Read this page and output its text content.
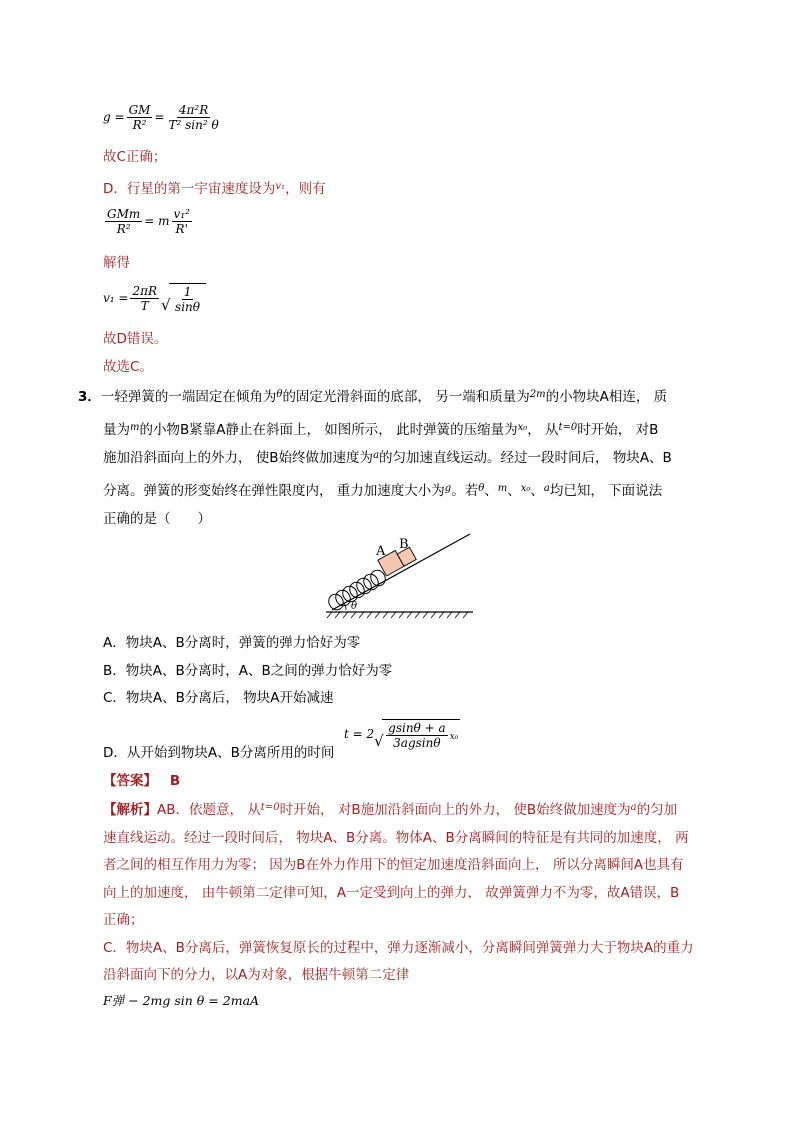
$g = \frac{GM}{\text{R²}} = \frac{\text{4π²R}}{\text{T² sin² θ}}$
故C正确；
D．行星的第一宇宙速度设为$^{v_1}$，则有
$\frac{\text{GMm}}{\text{R²}} = m \frac{\text{v₁²}}{R'}$
解得
$v_1 = \frac{2\pi R}{T}$ √ $\frac{1}{\sin\theta}$
故D错误。
故选C。
3．一轻弹簧的一端固定在倾角为$^\theta$的固定光滑斜面的底部， 另一端和质量为$^{2m}$的小物块A相连， 质
量为$^m$的小物B紧靠A静止在斜面上， 如图所示， 此时弹簧的压缩量为$^{x_0}$， 从$^{t=0}$时开始， 对B
施加沿斜面向上的外力， 使B始终做加速度为$^a$的匀加速直线运动。经过一段时间后， 物块A、B
分离。弹簧的形变始终在弹性限度内， 重力加速度大小为$^g$。若$^\theta$、$^m$、$^{x_0}$、$^a$均已知， 下面说法
正确的是（　　）
θ
A B
A．物块A、B分离时，弹簧的弹力恰好为零
B．物块A、B分离时，A、B之间的弹力恰好为零
C．物块A、B分离后， 物块A开始减速
D．从开始到物块A、B分离所用的时间
t = 2 √ $\frac{gsin\theta + a}{3agsin\theta} x_0$
【答案】 B
【解析】AB．依题意， 从$^{t=0}$时开始， 对B施加沿斜面向上的外力， 使B始终做加速度为$^a$的匀加
速直线运动。经过一段时间后， 物块A、B分离。物体A、B分离瞬间的特征是有共同的加速度， 两
者之间的相互作用力为零； 因为B在外力作用下的恒定加速度沿斜面向上， 所以分离瞬间A也具有
向上的加速度， 由牛顿第二定律可知，A一定受到向上的弹力， 故弹簧弹力不为零，故A错误，B
正确；
C．物块A、B分离后，弹簧恢复原长的过程中，弹力逐渐减小，分离瞬间弹簧弹力大于物块A的重力
沿斜面向下的分力，以A为对象，根据牛顿第二定律
F弹 − 2mg sin θ = 2maA
